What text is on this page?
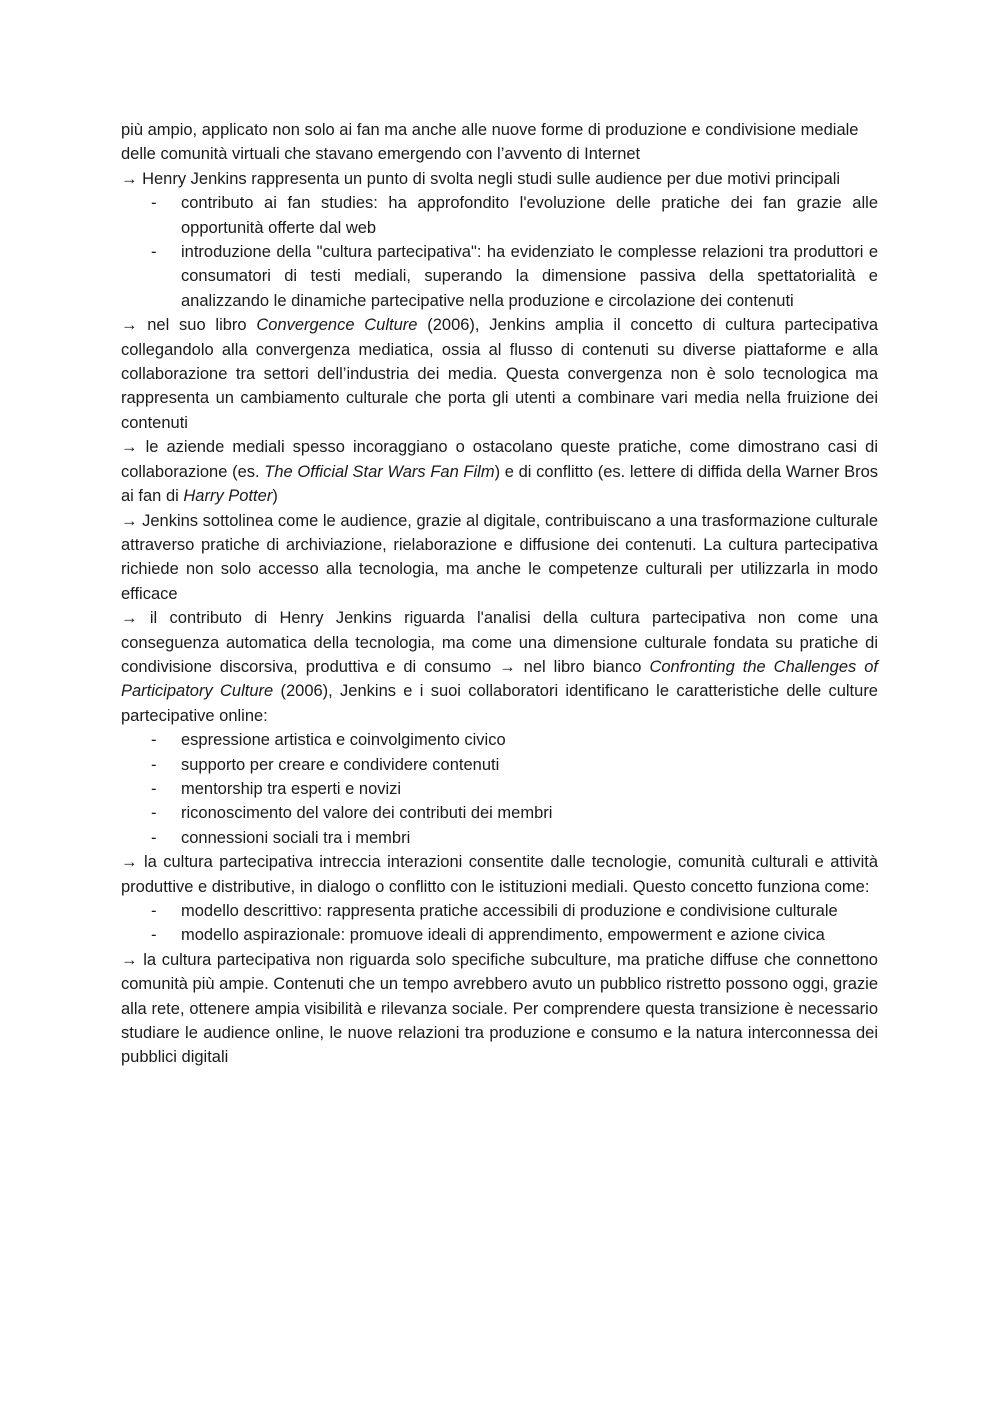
più ampio, applicato non solo ai fan ma anche alle nuove forme di produzione e condivisione mediale delle comunità virtuali che stavano emergendo con l’avvento di Internet

→ Henry Jenkins rappresenta un punto di svolta negli studi sulle audience per due motivi principali

- contributo ai fan studies: ha approfondito l'evoluzione delle pratiche dei fan grazie alle opportunità offerte dal web
- introduzione della "cultura partecipativa": ha evidenziato le complesse relazioni tra produttori e consumatori di testi mediali, superando la dimensione passiva della spettatorialità e analizzando le dinamiche partecipative nella produzione e circolazione dei contenuti

→ nel suo libro Convergence Culture (2006), Jenkins amplia il concetto di cultura partecipativa collegandolo alla convergenza mediatica, ossia al flusso di contenuti su diverse piattaforme e alla collaborazione tra settori dell’industria dei media. Questa convergenza non è solo tecnologica ma rappresenta un cambiamento culturale che porta gli utenti a combinare vari media nella fruizione dei contenuti

→ le aziende mediali spesso incoraggiano o ostacolano queste pratiche, come dimostrano casi di collaborazione (es. The Official Star Wars Fan Film) e di conflitto (es. lettere di diffida della Warner Bros ai fan di Harry Potter)

→ Jenkins sottolinea come le audience, grazie al digitale, contribuiscano a una trasformazione culturale attraverso pratiche di archiviazione, rielaborazione e diffusione dei contenuti. La cultura partecipativa richiede non solo accesso alla tecnologia, ma anche le competenze culturali per utilizzarla in modo efficace

→ il contributo di Henry Jenkins riguarda l'analisi della cultura partecipativa non come una conseguenza automatica della tecnologia, ma come una dimensione culturale fondata su pratiche di condivisione discorsiva, produttiva e di consumo → nel libro bianco Confronting the Challenges of Participatory Culture (2006), Jenkins e i suoi collaboratori identificano le caratteristiche delle culture partecipative online:

- espressione artistica e coinvolgimento civico
- supporto per creare e condividere contenuti
- mentorship tra esperti e novizi
- riconoscimento del valore dei contributi dei membri
- connessioni sociali tra i membri

→ la cultura partecipativa intreccia interazioni consentite dalle tecnologie, comunità culturali e attività produttive e distributive, in dialogo o conflitto con le istituzioni mediali. Questo concetto funziona come:

- modello descrittivo: rappresenta pratiche accessibili di produzione e condivisione culturale
- modello aspirazionale: promuove ideali di apprendimento, empowerment e azione civica

→ la cultura partecipativa non riguarda solo specifiche subculture, ma pratiche diffuse che connettono comunità più ampie. Contenuti che un tempo avrebbero avuto un pubblico ristretto possono oggi, grazie alla rete, ottenere ampia visibilità e rilevanza sociale. Per comprendere questa transizione è necessario studiare le audience online, le nuove relazioni tra produzione e consumo e la natura interconnessa dei pubblici digitali
